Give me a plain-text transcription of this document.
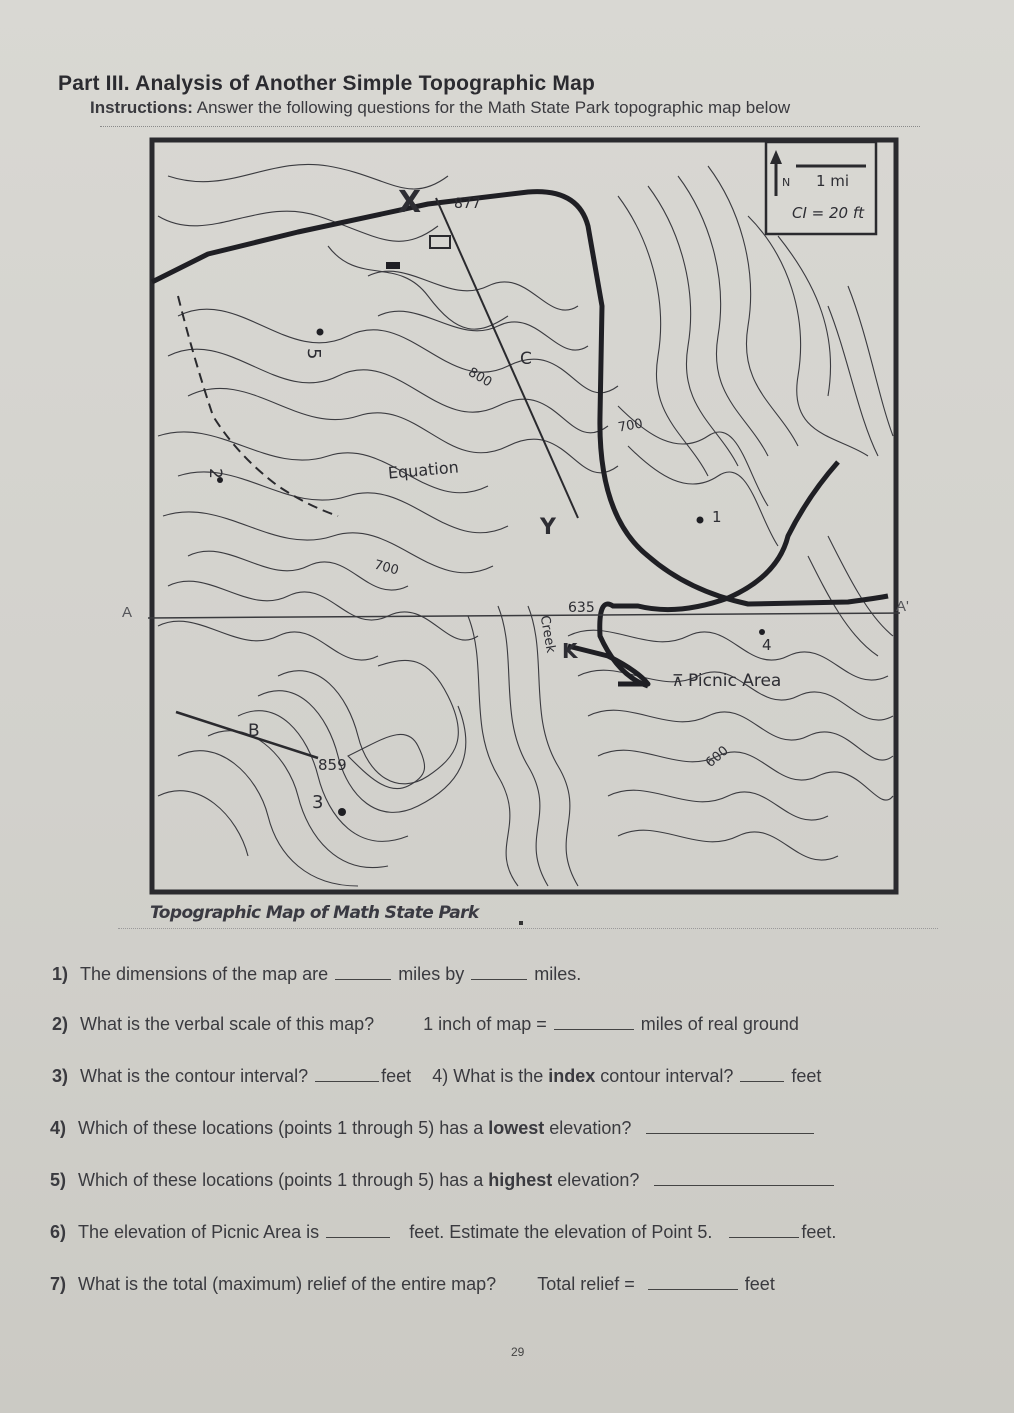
Part III. Analysis of Another Simple Topographic Map
Instructions: Answer the following questions for the Math State Park topographic map below
N 1 mi
CI = 20 ft
X 877
5
800
C
700
Equation
2
Y	1
700
635
Creek K	4
⊼ Picnic Area
600
B
859
3
A	A'
Topographic Map of Math State Park
1) The dimensions of the map are	miles by	miles.
2) What is the verbal scale of this map?	1 inch of map =	miles of real ground
3) What is the contour interval?	feet 4) What is the index contour interval?	feet
4) Which of these locations (points 1 through 5) has a lowest elevation?
5) Which of these locations (points 1 through 5) has a highest elevation?
6) The elevation of Picnic Area is	feet. Estimate the elevation of Point 5.	feet.
7) What is the total (maximum) relief of the entire map? Total relief =	feet
29
